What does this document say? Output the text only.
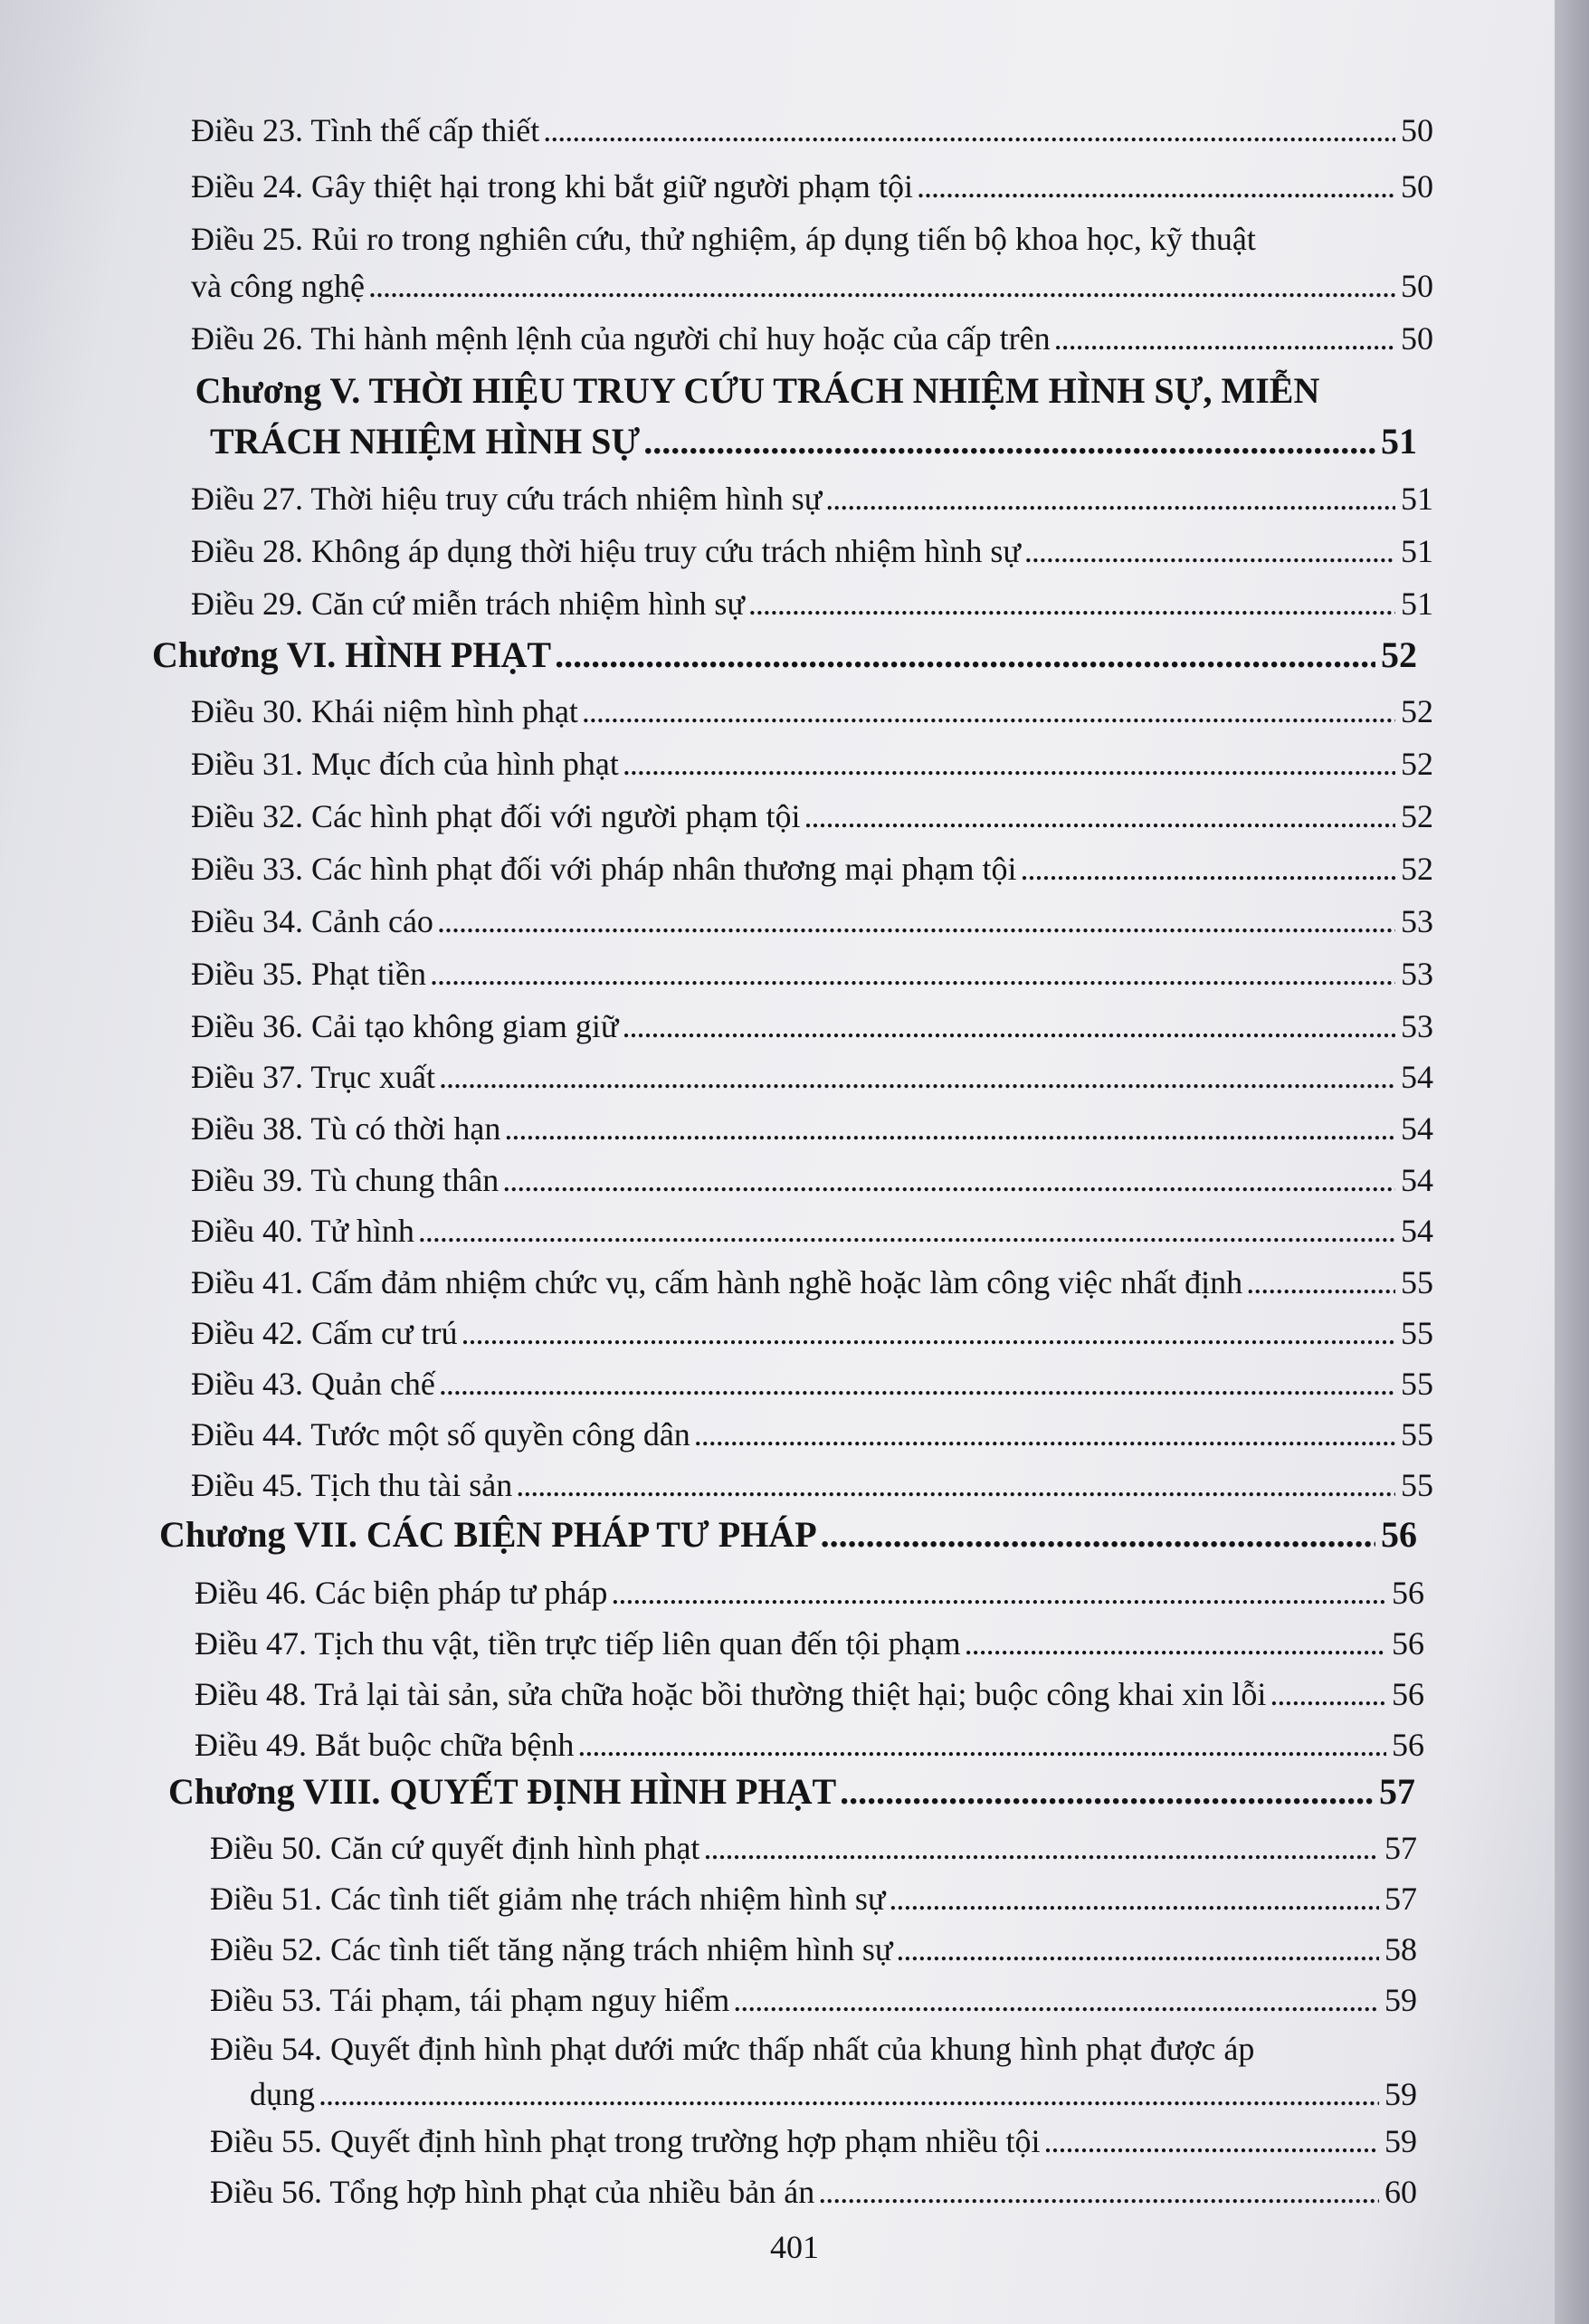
Điều 23. Tình thế cấp thiết . . .	50
Điều 24. Gây thiệt hại trong khi bắt giữ người phạm tội . . .	50
Điều 25. Rủi ro trong nghiên cứu, thử nghiệm, áp dụng tiến bộ khoa học, kỹ thuật
và công nghệ . . .	50
Điều 26. Thi hành mệnh lệnh của người chỉ huy hoặc của cấp trên . . .	50
Chương V. THỜI HIỆU TRUY CỨU TRÁCH NHIỆM HÌNH SỰ, MIỄN
TRÁCH NHIỆM HÌNH SỰ . . .	51
Điều 27. Thời hiệu truy cứu trách nhiệm hình sự . . .	51
Điều 28. Không áp dụng thời hiệu truy cứu trách nhiệm hình sự . . .	51
Điều 29. Căn cứ miễn trách nhiệm hình sự . . .	51
Chương VI. HÌNH PHẠT . . .	52
Điều 30. Khái niệm hình phạt . . .	52
Điều 31. Mục đích của hình phạt . . .	52
Điều 32. Các hình phạt đối với người phạm tội . . .	52
Điều 33. Các hình phạt đối với pháp nhân thương mại phạm tội . . .	52
Điều 34. Cảnh cáo . . .	53
Điều 35. Phạt tiền . . .	53
Điều 36. Cải tạo không giam giữ . . .	53
Điều 37. Trục xuất . . .	54
Điều 38. Tù có thời hạn . . .	54
Điều 39. Tù chung thân . . .	54
Điều 40. Tử hình . . .	54
Điều 41. Cấm đảm nhiệm chức vụ, cấm hành nghề hoặc làm công việc nhất định . . .	55
Điều 42. Cấm cư trú . . .	55
Điều 43. Quản chế . . .	55
Điều 44. Tước một số quyền công dân . . .	55
Điều 45. Tịch thu tài sản . . .	55
Chương VII. CÁC BIỆN PHÁP TƯ PHÁP . . .	56
Điều 46. Các biện pháp tư pháp . . .	56
Điều 47. Tịch thu vật, tiền trực tiếp liên quan đến tội phạm . . .	56
Điều 48. Trả lại tài sản, sửa chữa hoặc bồi thường thiệt hại; buộc công khai xin lỗi . . .	56
Điều 49. Bắt buộc chữa bệnh . . .	56
Chương VIII. QUYẾT ĐỊNH HÌNH PHẠT . . .	57
Điều 50. Căn cứ quyết định hình phạt . . .	57
Điều 51. Các tình tiết giảm nhẹ trách nhiệm hình sự . . .	57
Điều 52. Các tình tiết tăng nặng trách nhiệm hình sự . . .	58
Điều 53. Tái phạm, tái phạm nguy hiểm . . .	59
Điều 54. Quyết định hình phạt dưới mức thấp nhất của khung hình phạt được áp
dụng . . .	59
Điều 55. Quyết định hình phạt trong trường hợp phạm nhiều tội . . .	59
Điều 56. Tổng hợp hình phạt của nhiều bản án . . .	60
401
